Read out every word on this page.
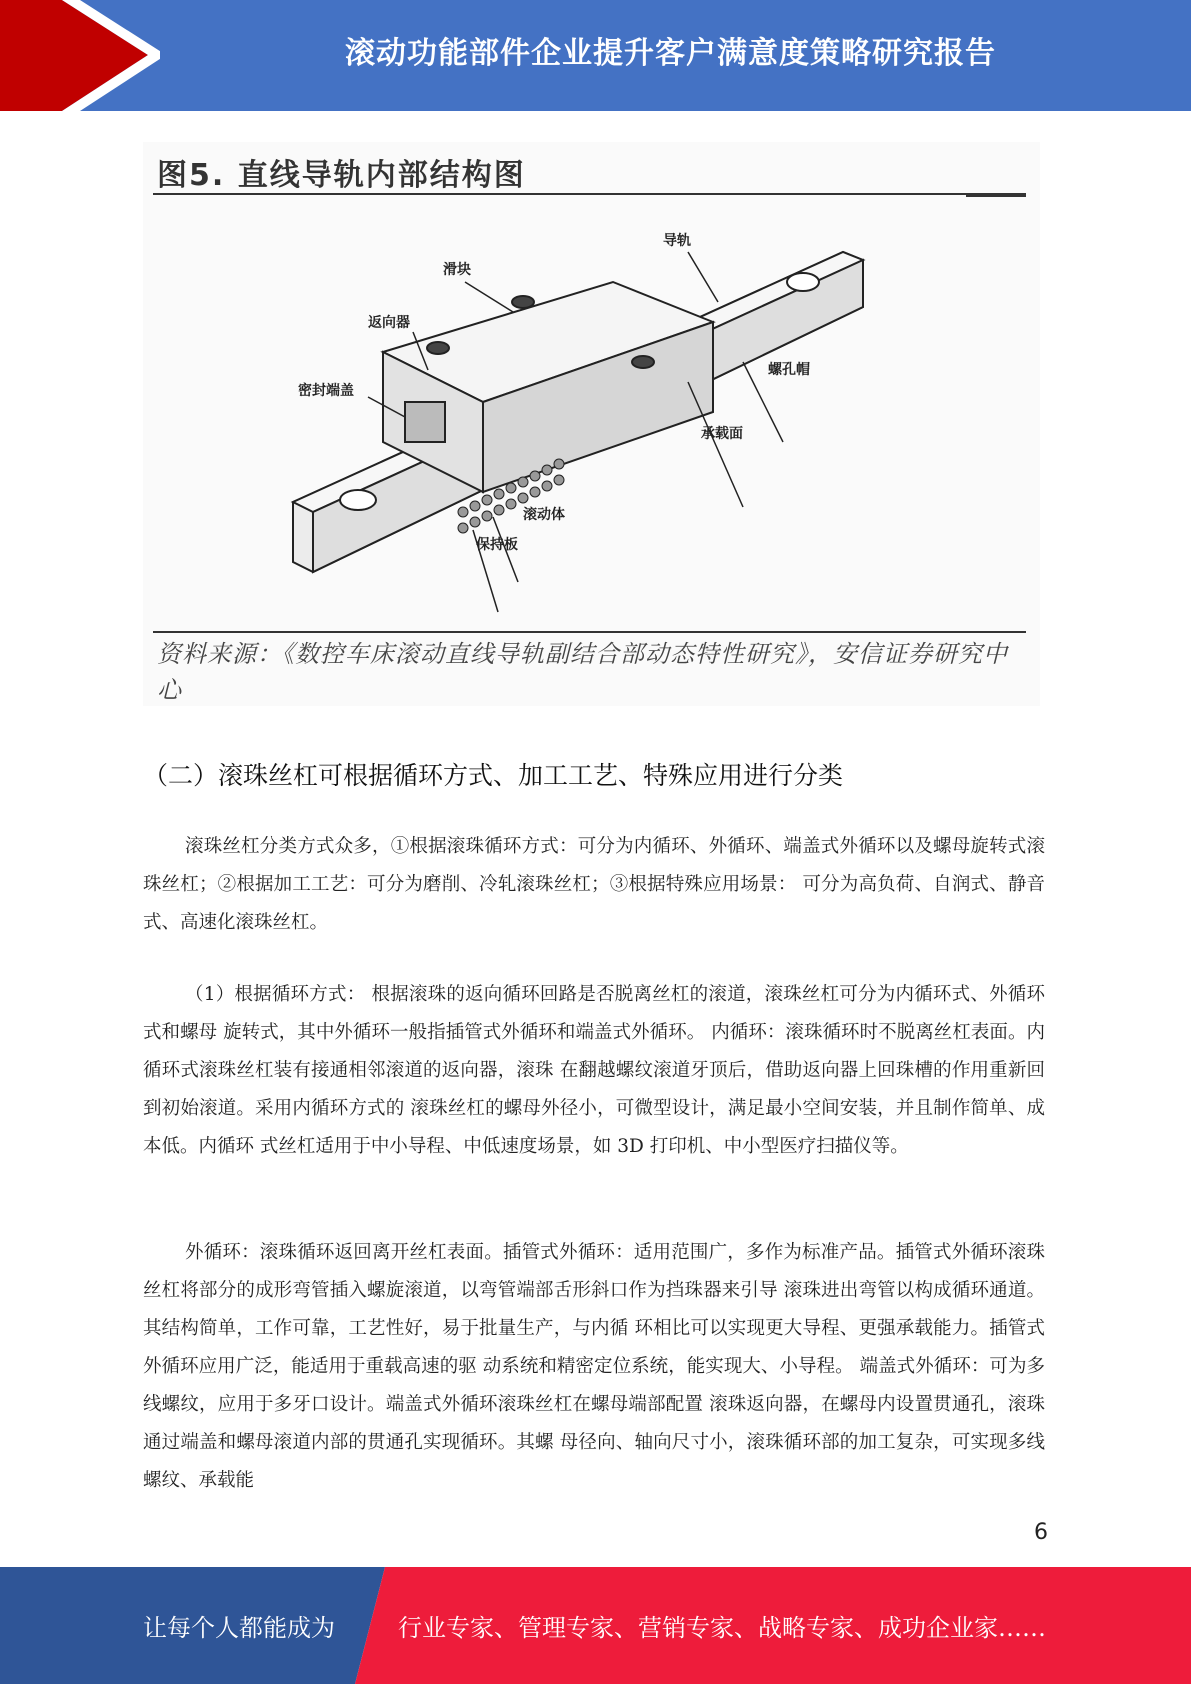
滚动功能部件企业提升客户满意度策略研究报告
图5. 直线导轨内部结构图
滑块
导轨
返向器
密封端盖
螺孔帽
承载面
滚动体
保持板
资料来源：《数控车床滚动直线导轨副结合部动态特性研究》，安信证券研究中心
（二）滚珠丝杠可根据循环方式、加工工艺、特殊应用进行分类
滚珠丝杠分类方式众多，①根据滚珠循环方式：可分为内循环、外循环、端盖式外循环以及螺母旋转式滚珠丝杠；②根据加工工艺：可分为磨削、冷轧滚珠丝杠；③根据特殊应用场景： 可分为高负荷、自润式、静音式、高速化滚珠丝杠。
（1）根据循环方式： 根据滚珠的返向循环回路是否脱离丝杠的滚道，滚珠丝杠可分为内循环式、外循环式和螺母 旋转式，其中外循环一般指插管式外循环和端盖式外循环。 内循环：滚珠循环时不脱离丝杠表面。内循环式滚珠丝杠装有接通相邻滚道的返向器，滚珠 在翻越螺纹滚道牙顶后，借助返向器上回珠槽的作用重新回到初始滚道。采用内循环方式的 滚珠丝杠的螺母外径小，可微型设计，满足最小空间安装，并且制作简单、成本低。内循环 式丝杠适用于中小导程、中低速度场景，如 3D 打印机、中小型医疗扫描仪等。
外循环：滚珠循环返回离开丝杠表面。插管式外循环：适用范围广，多作为标准产品。插管式外循环滚珠丝杠将部分的成形弯管插入螺旋滚道，以弯管端部舌形斜口作为挡珠器来引导 滚珠进出弯管以构成循环通道。其结构简单，工作可靠，工艺性好，易于批量生产，与内循 环相比可以实现更大导程、更强承载能力。插管式外循环应用广泛，能适用于重载高速的驱 动系统和精密定位系统，能实现大、小导程。 端盖式外循环：可为多线螺纹，应用于多牙口设计。端盖式外循环滚珠丝杠在螺母端部配置 滚珠返向器，在螺母内设置贯通孔，滚珠通过端盖和螺母滚道内部的贯通孔实现循环。其螺 母径向、轴向尺寸小，滚珠循环部的加工复杂，可实现多线螺纹、承载能
6
让每个人都能成为	行业专家、管理专家、营销专家、战略专家、成功企业家……
